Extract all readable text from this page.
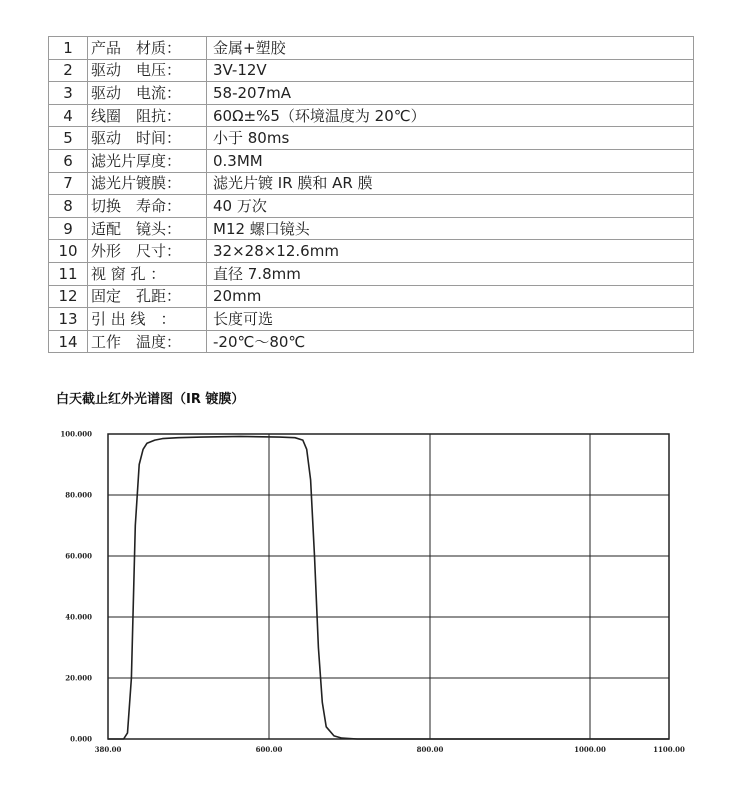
1	产品　材质：	金属+塑胶
2	驱动　电压：	3V-12V
3	驱动　电流：	58-207mA
4	线圈　阻抗：	60Ω±%5（环境温度为 20℃）
5	驱动　时间：	小于 80ms
6	滤光片厚度：	0.3MM
7	滤光片镀膜：	滤光片镀 IR 膜和 AR 膜
8	切换　寿命：	40 万次
9	适配　镜头：	M12 螺口镜头
10	外形　尺寸：	32×28×12.6mm
11	视 窗 孔 ：	直径 7.8mm
12	固定　孔距：	20mm
13	引 出 线　：	长度可选
14	工作　温度：	-20℃～80℃
白天截止红外光谱图（IR 镀膜）
0.000
20.000
40.000
60.000
80.000
100.000
380.00	600.00	800.00	1000.00	1100.00
